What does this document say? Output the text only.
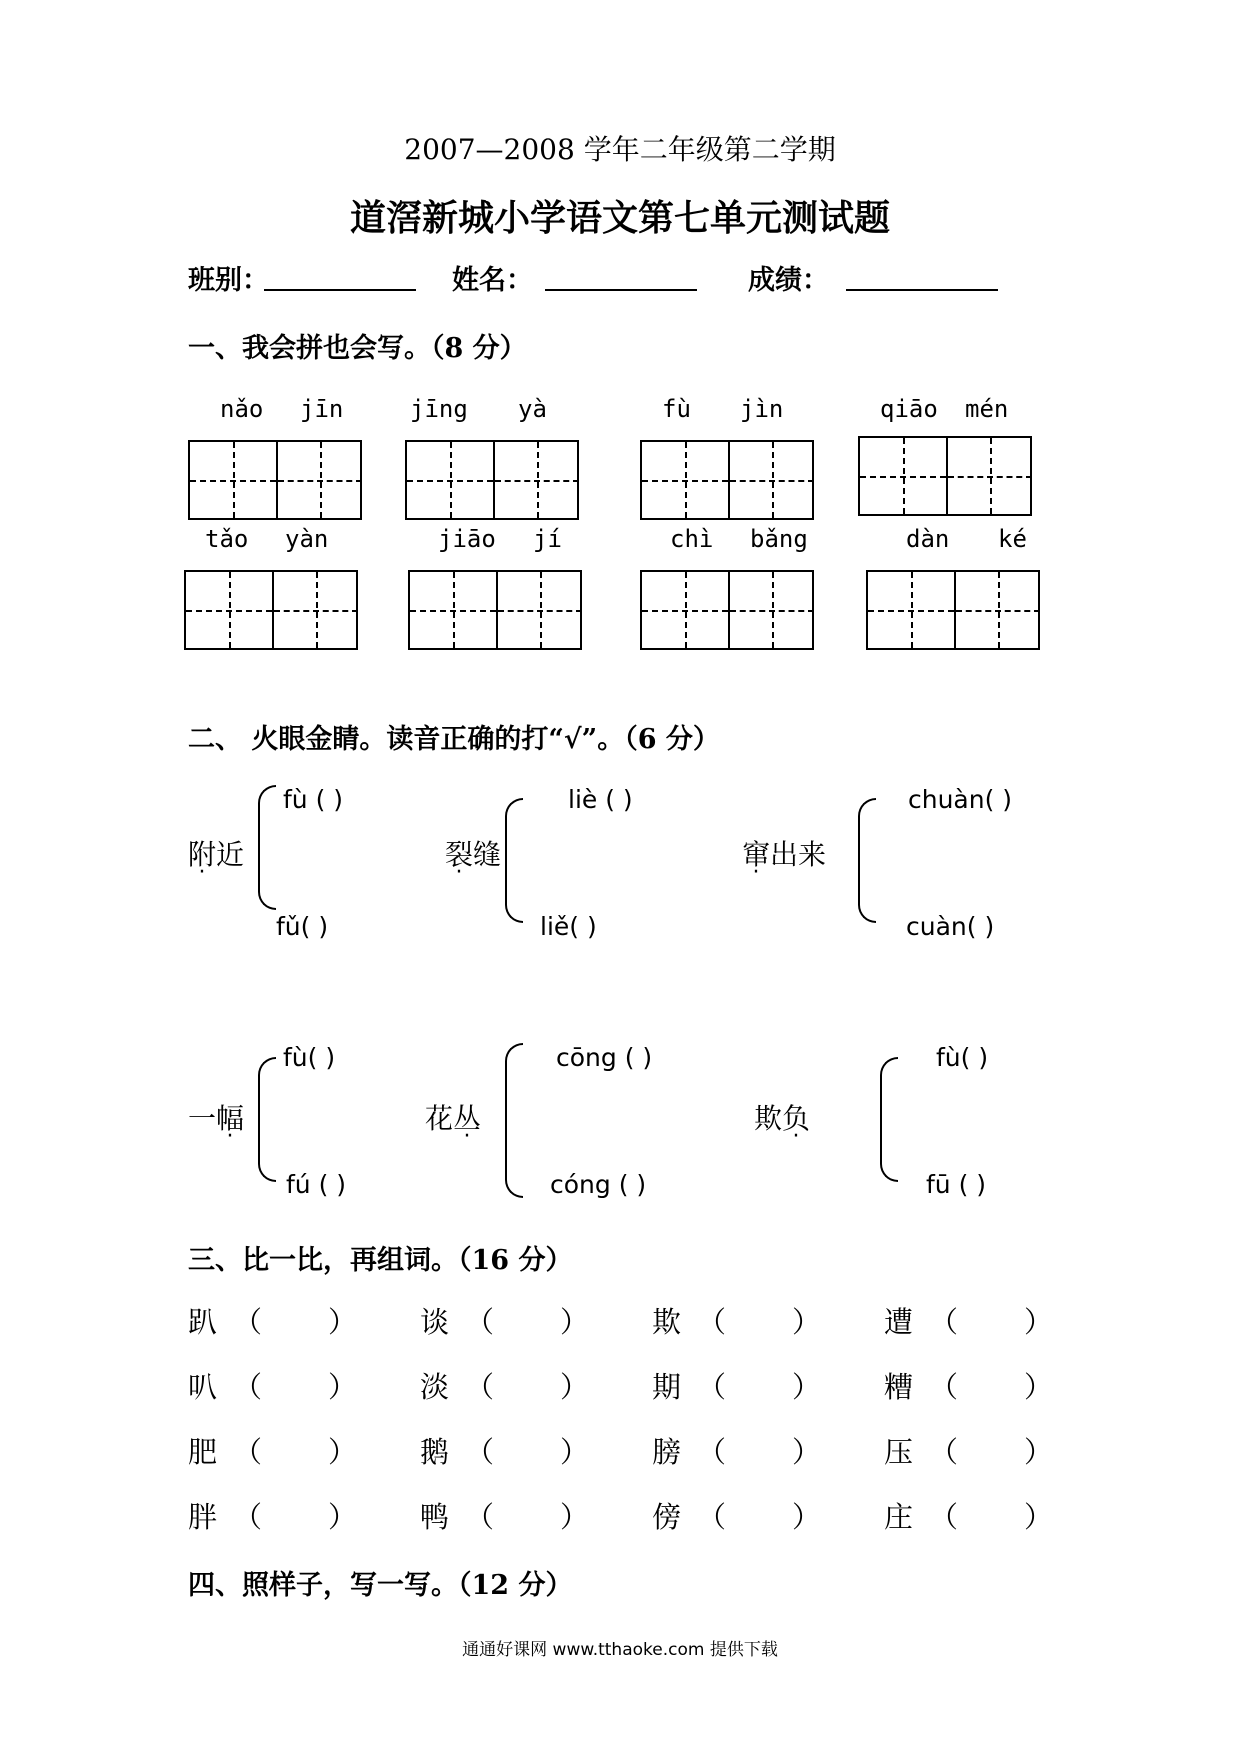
2007—2008 学年二年级第二学期
道滘新城小学语文第七单元测试题
班别：	姓名：	成绩：
一、我会拼也会写。（8 分）
nǎo jīn	jīng yà	fù jìn	qiāo mén
tǎo yàn	jiāo jí	chì bǎng	dàn ké
二、 火眼金睛。读音正确的打“√”。（6 分）
附近
fù ( )
fǔ( )
裂缝
liè ( )
liě( )
窜出来
chuàn( )
cuàn( )
一幅
fù( )
fú ( )
花丛
cōng ( )
cóng ( )
欺负
fù( )
fū ( )
三、比一比，再组词。（16 分）
趴 （ ） 谈 （ ） 欺 （ ） 遭 （ ）
叭 （ ） 淡 （ ） 期 （ ） 糟 （ ）
肥 （ ） 鹅 （ ） 膀 （ ） 压 （ ）
胖 （ ） 鸭 （ ） 傍 （ ） 庄 （ ）
四、照样子，写一写。（12 分）
通通好课网 www.tthaoke.com 提供下载
